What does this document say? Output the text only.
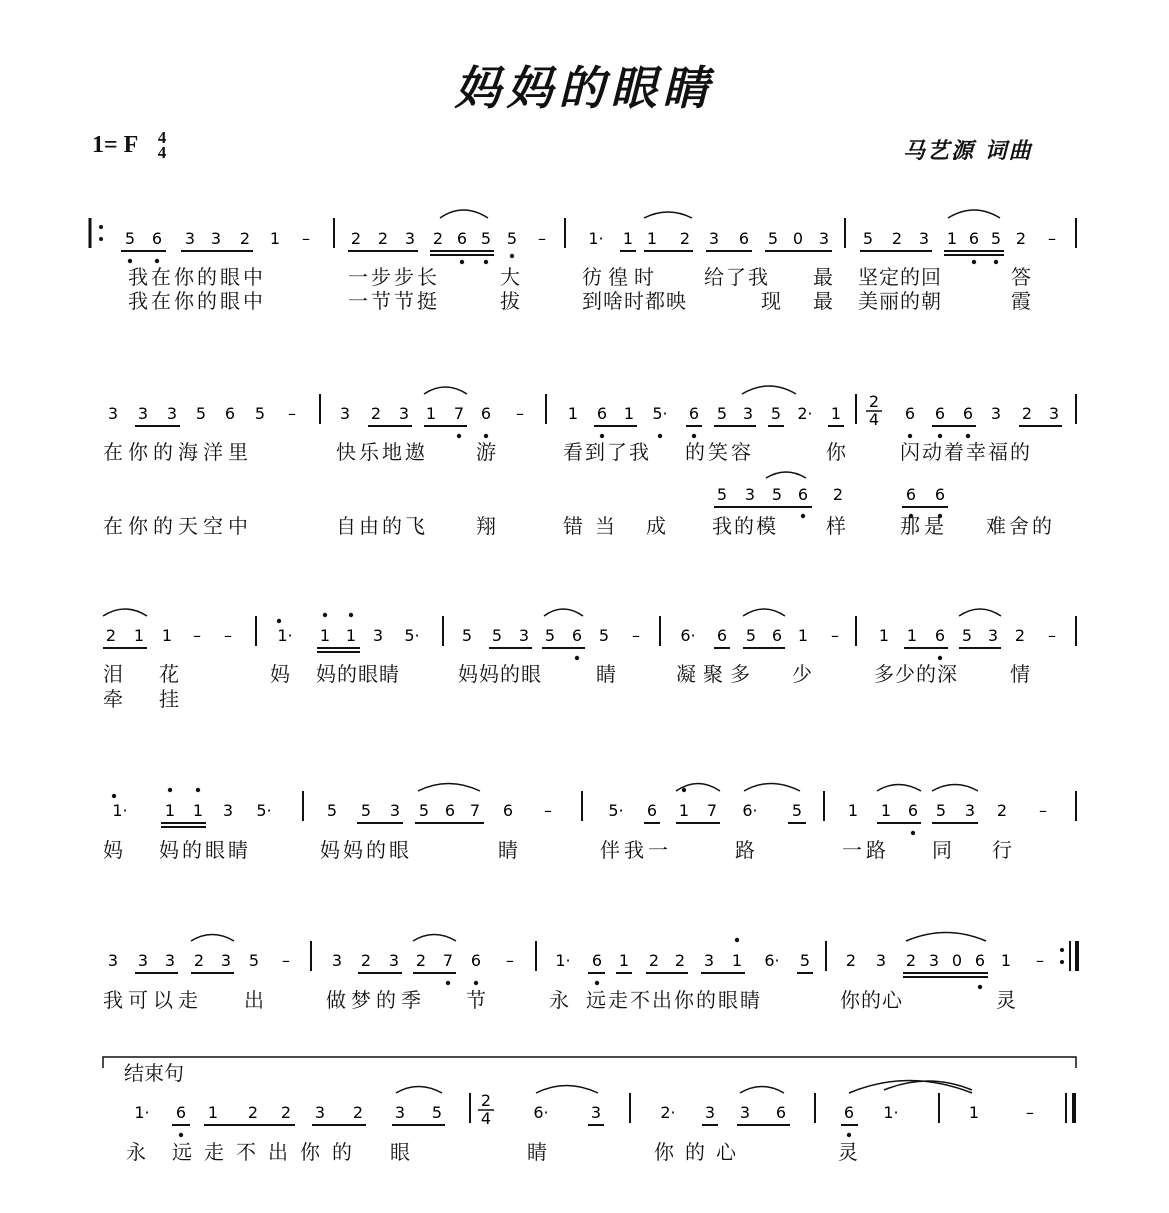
妈妈的眼睛
1= F	4
4	马艺源 词曲
5 6 3 3 2 1 –	2 2 3 2 6 5 5 –	1· 1 1 2 3 6 5 0 3 5 2 3 1 6 5 2 –
我在你的眼中	一步步长	大	彷徨时 给了我 最 坚定的回	答
我在你的眼中	一节节挺	拔	到啥时都映	现 最 美丽的朝	霞
3 3 3 5 6 5 –	3 2 3 1 7 6 –	1 6 1 5· 6 5 3 5 2· 1	6 6 6 3 2 3
2
4
5 3 5 6 2	6 6
在你的海洋里	快乐地遨 游	看到了我 的笑容	你	闪动着幸福的
在你的天空中	自由的飞 翔	错当 成 我的模 样	那是 难舍的
2 1 1 – –	1· 1 1 3 5·	5 5 3 5 6 5 –	6· 6 5 6 1 – 1 1 6 5 3 2 –
泪 花	妈 妈的眼睛	妈妈的眼	睛	凝聚多 少	多少的深	情
牵 挂
1· 1 1 3 5·	5 5 3 5 6 7 6 –	5· 6 1 7 6· 5	1 1 6 5 3 2 –
妈 妈的眼睛	妈妈的眼	睛	伴我一	路	一路 同 行
3 3 3 2 3 5 –	3 2 3 2 7 6 –	1· 6 1 2 2 3 1 6· 5 2 3 2 3 0 6 1 –
我可以走 出	做梦的季 节	永 远走不出你的眼睛	你的心	灵
结束句
1· 6 1 2 2 3 2 3 5
2
4	6·	3	2· 3 3 6	6 1·	1	–
永 远走不出你的 眼	睛	你的心	灵
